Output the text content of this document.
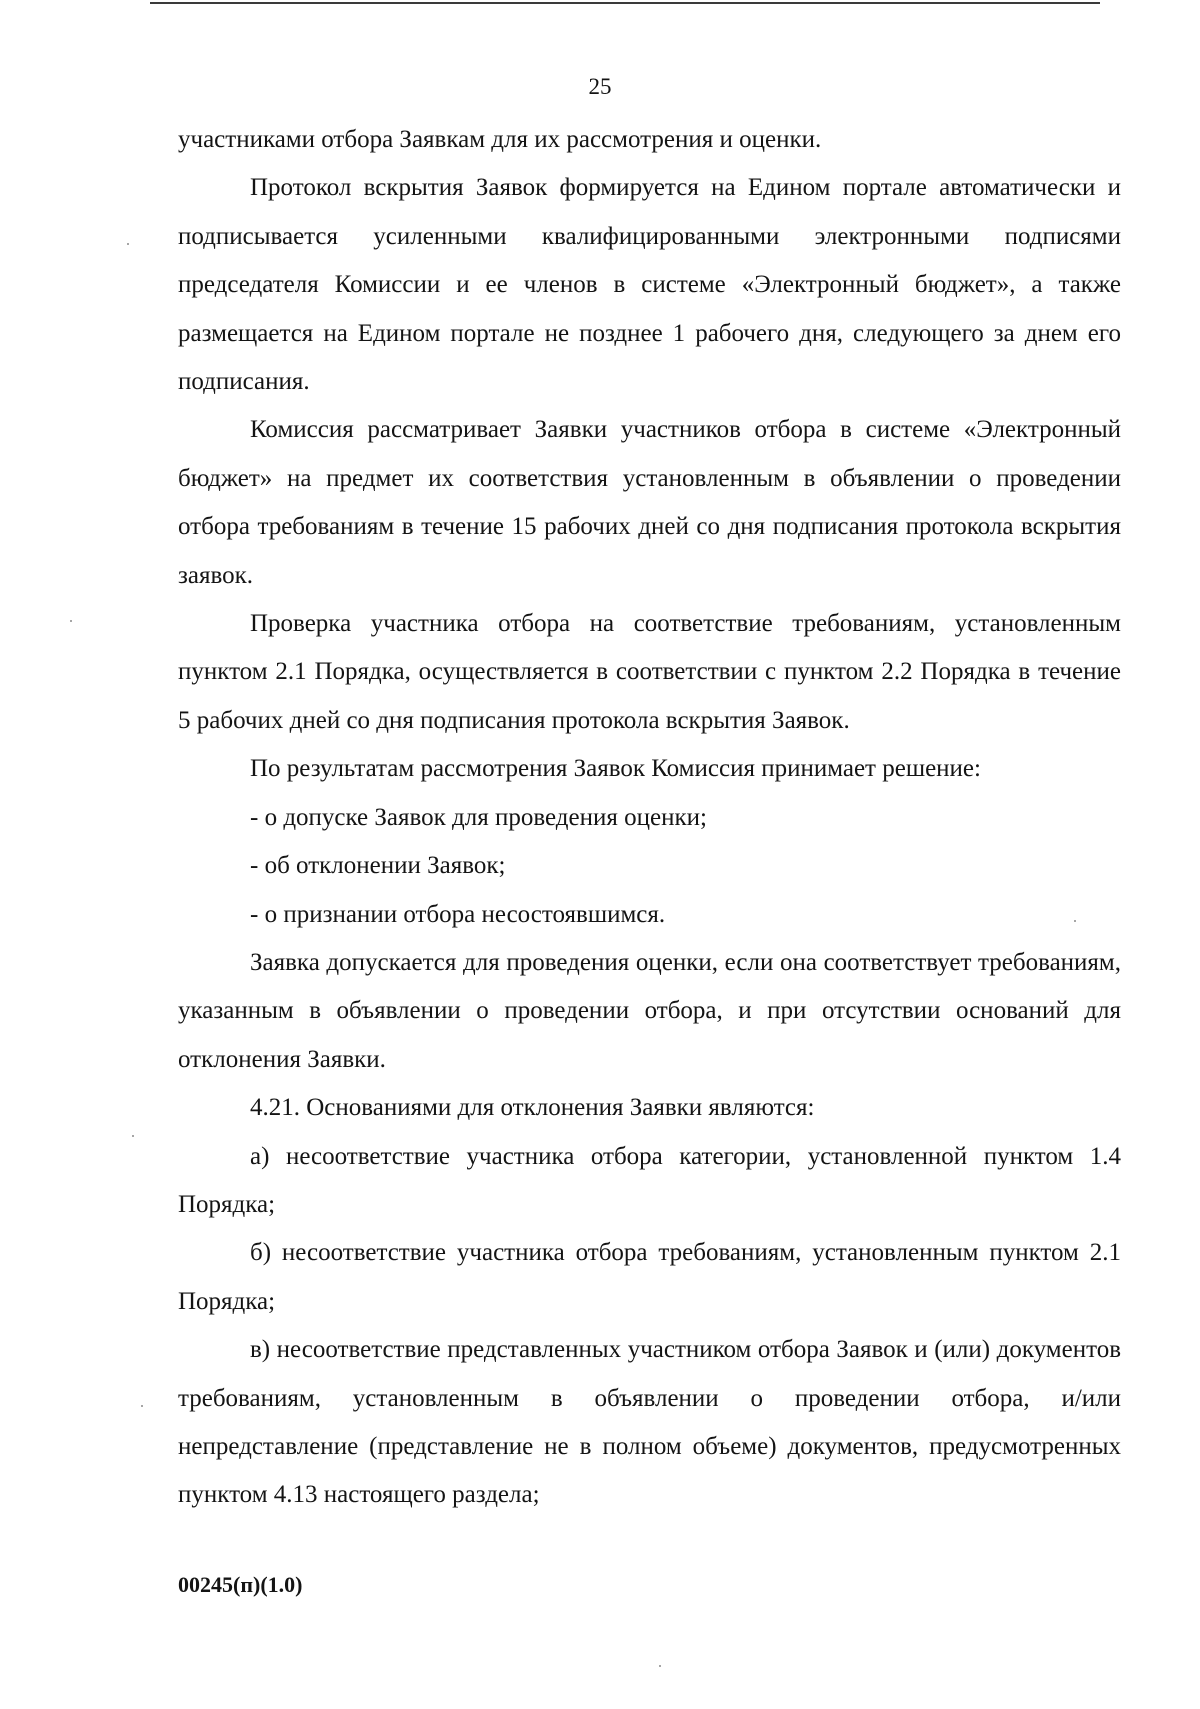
25

участниками отбора Заявкам для их рассмотрения и оценки.

Протокол вскрытия Заявок формируется на Едином портале автоматически и подписывается усиленными квалифицированными электронными подписями председателя Комиссии и ее членов в системе «Электронный бюджет», а также размещается на Едином портале не позднее 1 рабочего дня, следующего за днем его подписания.

Комиссия рассматривает Заявки участников отбора в системе «Электронный бюджет» на предмет их соответствия установленным в объявлении о проведении отбора требованиям в течение 15 рабочих дней со дня подписания протокола вскрытия заявок.

Проверка участника отбора на соответствие требованиям, установленным пунктом 2.1 Порядка, осуществляется в соответствии с пунктом 2.2 Порядка в течение 5 рабочих дней со дня подписания протокола вскрытия Заявок.

По результатам рассмотрения Заявок Комиссия принимает решение:

- о допуске Заявок для проведения оценки;

- об отклонении Заявок;

- о признании отбора несостоявшимся.

Заявка допускается для проведения оценки, если она соответствует требованиям, указанным в объявлении о проведении отбора, и при отсутствии оснований для отклонения Заявки.

4.21. Основаниями для отклонения Заявки являются:

а) несоответствие участника отбора категории, установленной пунктом 1.4 Порядка;

б) несоответствие участника отбора требованиям, установленным пунктом 2.1 Порядка;

в) несоответствие представленных участником отбора Заявок и (или) документов требованиям, установленным в объявлении о проведении отбора, и/или непредставление (представление не в полном объеме) документов, предусмотренных пунктом 4.13 настоящего раздела;

00245(п)(1.0)
